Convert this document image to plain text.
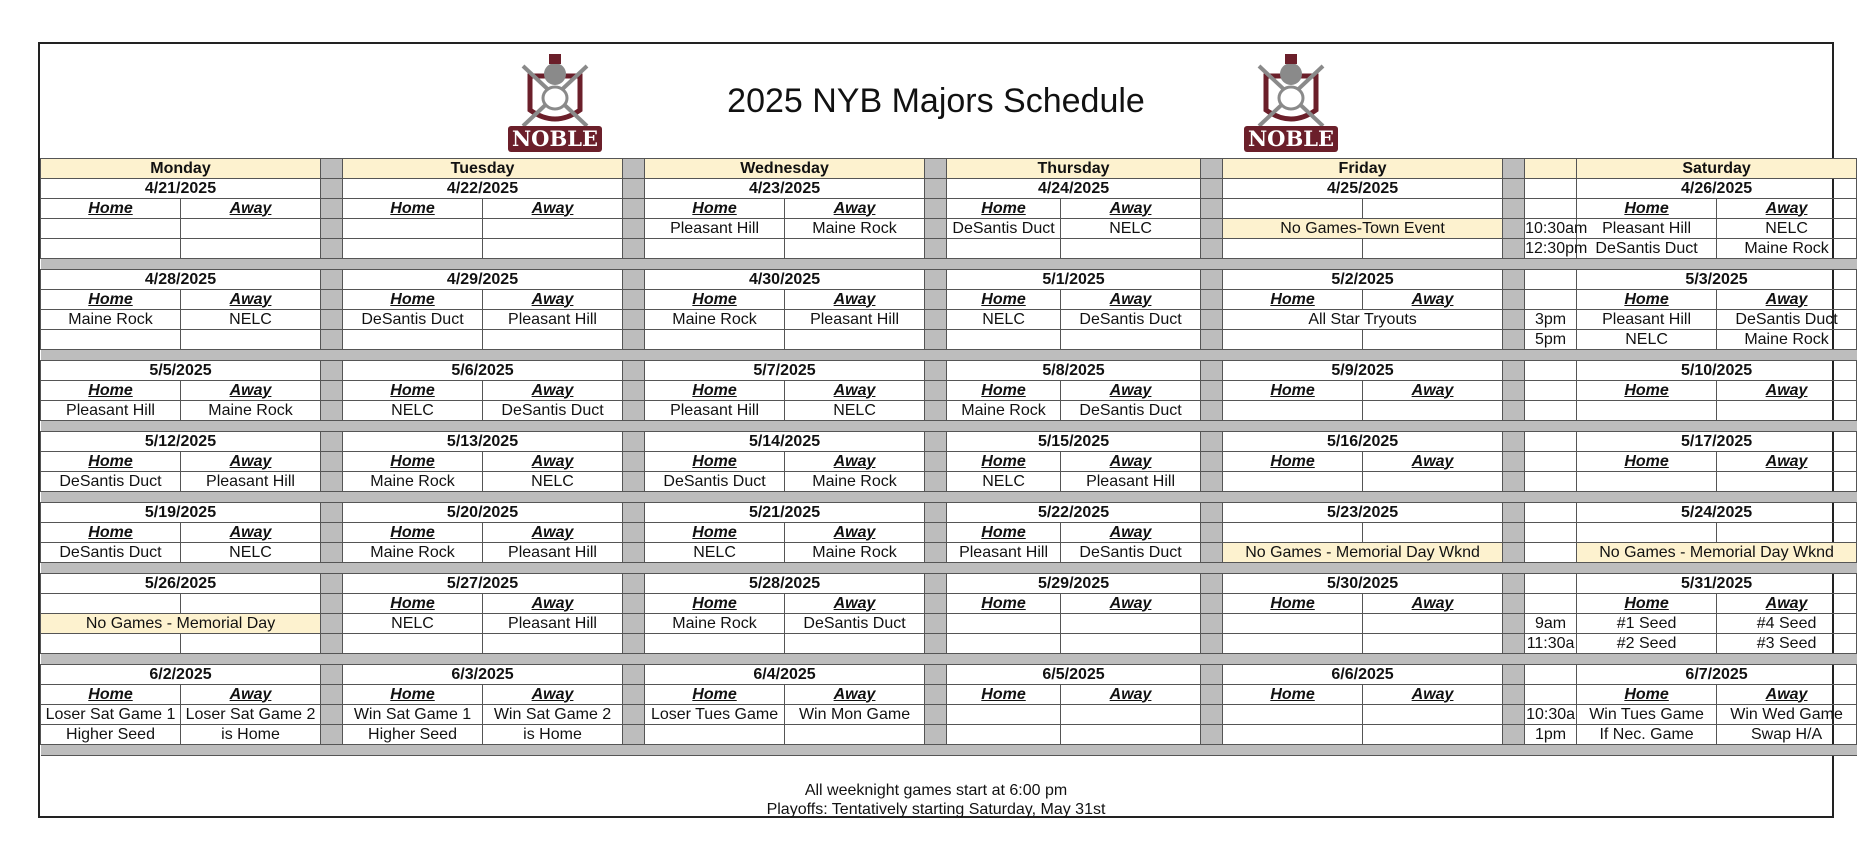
NOBLE
2025 NYB Majors Schedule
NOBLE
Monday			Tuesday			Wednesday			Thursday			Friday				Saturday	
4/21/2025			4/22/2025			4/23/2025			4/24/2025			4/25/2025				4/26/2025	
Home	Away		Home	Away		Home	Away		Home	Away						Home	Away
						Pleasant Hill	Maine Rock		DeSantis Duct	NELC		No Games-Town Event			10:30am	Pleasant Hill	NELC
															12:30pm	DeSantis Duct	Maine Rock

4/28/2025			4/29/2025			4/30/2025			5/1/2025			5/2/2025				5/3/2025	
Home	Away		Home	Away		Home	Away		Home	Away		Home	Away			Home	Away
Maine Rock	NELC		DeSantis Duct	Pleasant Hill		Maine Rock	Pleasant Hill		NELC	DeSantis Duct		All Star Tryouts			3pm	Pleasant Hill	DeSantis Duct
															5pm	NELC	Maine Rock

5/5/2025			5/6/2025			5/7/2025			5/8/2025			5/9/2025				5/10/2025	
Home	Away		Home	Away		Home	Away		Home	Away		Home	Away			Home	Away
Pleasant Hill	Maine Rock		NELC	DeSantis Duct		Pleasant Hill	NELC		Maine Rock	DeSantis Duct							

5/12/2025			5/13/2025			5/14/2025			5/15/2025			5/16/2025				5/17/2025	
Home	Away		Home	Away		Home	Away		Home	Away		Home	Away			Home	Away
DeSantis Duct	Pleasant Hill		Maine Rock	NELC		DeSantis Duct	Maine Rock		NELC	Pleasant Hill							

5/19/2025			5/20/2025			5/21/2025			5/22/2025			5/23/2025				5/24/2025	
Home	Away		Home	Away		Home	Away		Home	Away							
DeSantis Duct	NELC		Maine Rock	Pleasant Hill		NELC	Maine Rock		Pleasant Hill	DeSantis Duct		No Games - Memorial Day Wknd				No Games - Memorial Day Wknd	

5/26/2025			5/27/2025			5/28/2025			5/29/2025			5/30/2025				5/31/2025	
			Home	Away		Home	Away		Home	Away		Home	Away			Home	Away
No Games - Memorial Day			NELC	Pleasant Hill		Maine Rock	DeSantis Duct								9am	#1 Seed	#4 Seed
															11:30a	#2 Seed	#3 Seed

6/2/2025			6/3/2025			6/4/2025			6/5/2025			6/6/2025				6/7/2025	
Home	Away		Home	Away		Home	Away		Home	Away		Home	Away			Home	Away
Loser Sat Game 1	Loser Sat Game 2		Win Sat Game 1	Win Sat Game 2		Loser Tues Game	Win Mon Game								10:30a	Win Tues Game	Win Wed Game
Higher Seed	is Home		Higher Seed	is Home											1pm	If Nec. Game	Swap H/A

All weeknight games start at 6:00 pm
Playoffs: Tentatively starting Saturday, May 31st
